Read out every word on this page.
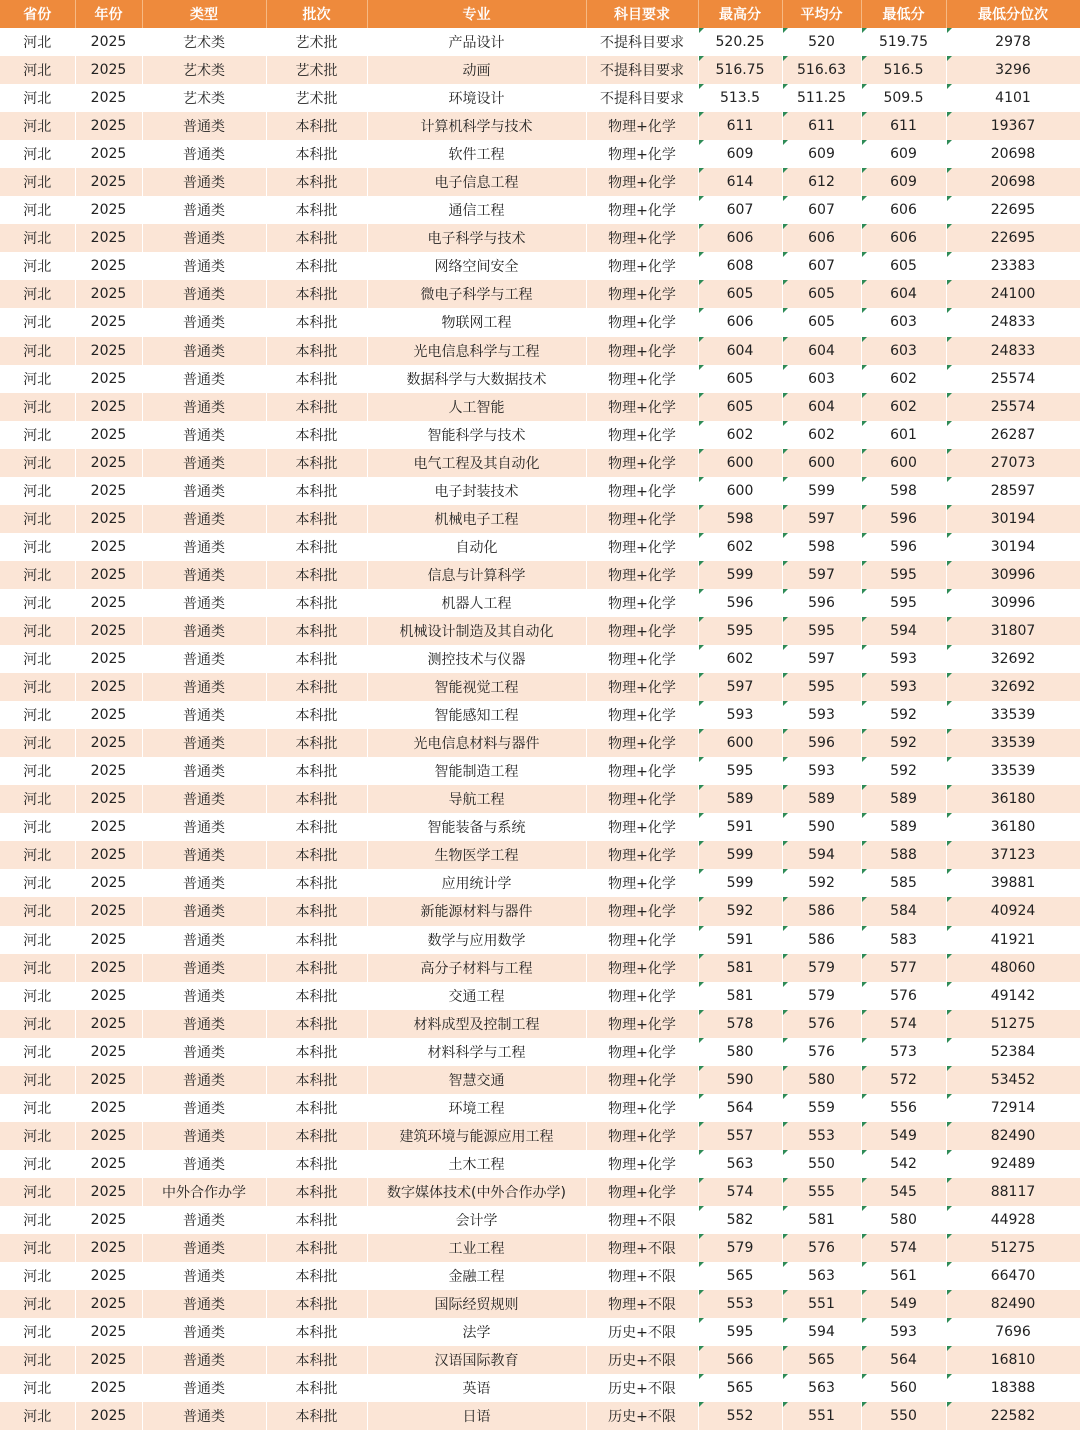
省份	年份	类型	批次	专业	科目要求	最高分	平均分	最低分	最低分位次
河北	2025	艺术类	艺术批	产品设计	不提科目要求	520.25	520	519.75	2978
河北	2025	艺术类	艺术批	动画	不提科目要求	516.75	516.63	516.5	3296
河北	2025	艺术类	艺术批	环境设计	不提科目要求	513.5	511.25	509.5	4101
河北	2025	普通类	本科批	计算机科学与技术	物理+化学	611	611	611	19367
河北	2025	普通类	本科批	软件工程	物理+化学	609	609	609	20698
河北	2025	普通类	本科批	电子信息工程	物理+化学	614	612	609	20698
河北	2025	普通类	本科批	通信工程	物理+化学	607	607	606	22695
河北	2025	普通类	本科批	电子科学与技术	物理+化学	606	606	606	22695
河北	2025	普通类	本科批	网络空间安全	物理+化学	608	607	605	23383
河北	2025	普通类	本科批	微电子科学与工程	物理+化学	605	605	604	24100
河北	2025	普通类	本科批	物联网工程	物理+化学	606	605	603	24833
河北	2025	普通类	本科批	光电信息科学与工程	物理+化学	604	604	603	24833
河北	2025	普通类	本科批	数据科学与大数据技术	物理+化学	605	603	602	25574
河北	2025	普通类	本科批	人工智能	物理+化学	605	604	602	25574
河北	2025	普通类	本科批	智能科学与技术	物理+化学	602	602	601	26287
河北	2025	普通类	本科批	电气工程及其自动化	物理+化学	600	600	600	27073
河北	2025	普通类	本科批	电子封装技术	物理+化学	600	599	598	28597
河北	2025	普通类	本科批	机械电子工程	物理+化学	598	597	596	30194
河北	2025	普通类	本科批	自动化	物理+化学	602	598	596	30194
河北	2025	普通类	本科批	信息与计算科学	物理+化学	599	597	595	30996
河北	2025	普通类	本科批	机器人工程	物理+化学	596	596	595	30996
河北	2025	普通类	本科批	机械设计制造及其自动化	物理+化学	595	595	594	31807
河北	2025	普通类	本科批	测控技术与仪器	物理+化学	602	597	593	32692
河北	2025	普通类	本科批	智能视觉工程	物理+化学	597	595	593	32692
河北	2025	普通类	本科批	智能感知工程	物理+化学	593	593	592	33539
河北	2025	普通类	本科批	光电信息材料与器件	物理+化学	600	596	592	33539
河北	2025	普通类	本科批	智能制造工程	物理+化学	595	593	592	33539
河北	2025	普通类	本科批	导航工程	物理+化学	589	589	589	36180
河北	2025	普通类	本科批	智能装备与系统	物理+化学	591	590	589	36180
河北	2025	普通类	本科批	生物医学工程	物理+化学	599	594	588	37123
河北	2025	普通类	本科批	应用统计学	物理+化学	599	592	585	39881
河北	2025	普通类	本科批	新能源材料与器件	物理+化学	592	586	584	40924
河北	2025	普通类	本科批	数学与应用数学	物理+化学	591	586	583	41921
河北	2025	普通类	本科批	高分子材料与工程	物理+化学	581	579	577	48060
河北	2025	普通类	本科批	交通工程	物理+化学	581	579	576	49142
河北	2025	普通类	本科批	材料成型及控制工程	物理+化学	578	576	574	51275
河北	2025	普通类	本科批	材料科学与工程	物理+化学	580	576	573	52384
河北	2025	普通类	本科批	智慧交通	物理+化学	590	580	572	53452
河北	2025	普通类	本科批	环境工程	物理+化学	564	559	556	72914
河北	2025	普通类	本科批	建筑环境与能源应用工程	物理+化学	557	553	549	82490
河北	2025	普通类	本科批	土木工程	物理+化学	563	550	542	92489
河北	2025	中外合作办学	本科批	数字媒体技术(中外合作办学)	物理+化学	574	555	545	88117
河北	2025	普通类	本科批	会计学	物理+不限	582	581	580	44928
河北	2025	普通类	本科批	工业工程	物理+不限	579	576	574	51275
河北	2025	普通类	本科批	金融工程	物理+不限	565	563	561	66470
河北	2025	普通类	本科批	国际经贸规则	物理+不限	553	551	549	82490
河北	2025	普通类	本科批	法学	历史+不限	595	594	593	7696
河北	2025	普通类	本科批	汉语国际教育	历史+不限	566	565	564	16810
河北	2025	普通类	本科批	英语	历史+不限	565	563	560	18388
河北	2025	普通类	本科批	日语	历史+不限	552	551	550	22582
